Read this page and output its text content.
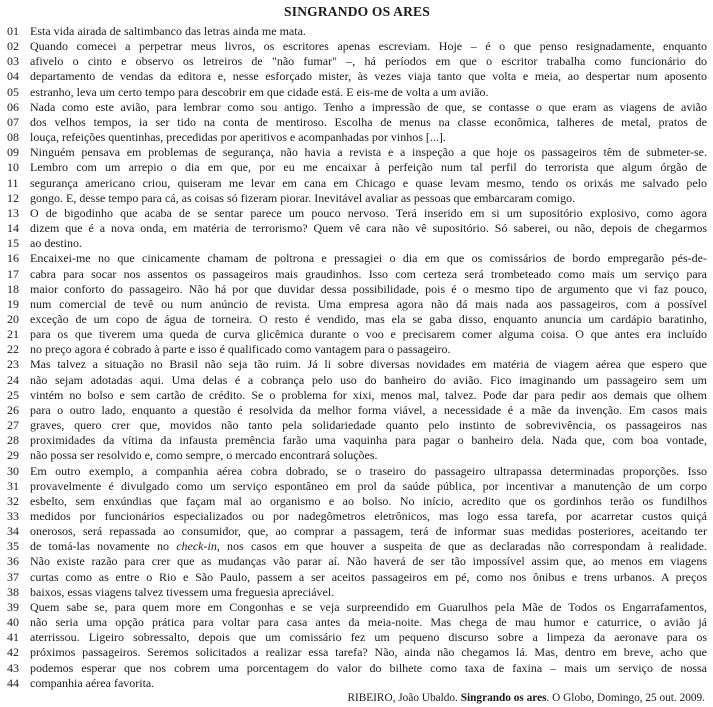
SINGRANDO OS ARES
01 Esta vida airada de saltimbanco das letras ainda me mata.
02 Quando comecei a perpetrar meus livros, os escritores apenas escreviam. Hoje – é o que penso resignadamente, enquanto
03 afivelo o cinto e observo os letreiros de "não fumar" –, há períodos em que o escritor trabalha como funcionário do
04 departamento de vendas da editora e, nesse esforçado mister, às vezes viaja tanto que volta e meia, ao despertar num aposento
05 estranho, leva um certo tempo para descobrir em que cidade está. E eis-me de volta a um avião.
06 Nada como este avião, para lembrar como sou antigo. Tenho a impressão de que, se contasse o que eram as viagens de avião
07 dos velhos tempos, ia ser tido na conta de mentiroso. Escolha de menus na classe econômica, talheres de metal, pratos de
08 louça, refeições quentinhas, precedidas por aperitivos e acompanhadas por vinhos [...].
09 Ninguém pensava em problemas de segurança, não havia a revista e a inspeção a que hoje os passageiros têm de submeter-se.
10 Lembro com um arrepio o dia em que, por eu me encaixar à perfeição num tal perfil do terrorista que algum órgão de
11 segurança americano criou, quiseram me levar em cana em Chicago e quase levam mesmo, tendo os orixás me salvado pelo
12 gongo. E, desse tempo para cá, as coisas só fizeram piorar. Inevitável avaliar as pessoas que embarcaram comigo.
13 O de bigodinho que acaba de se sentar parece um pouco nervoso. Terá inserido em si um supositório explosivo, como agora
14 dizem que é a nova onda, em matéria de terrorismo? Quem vê cara não vê supositório. Só saberei, ou não, depois de chegarmos
15 ao destino.
16 Encaixei-me no que cinicamente chamam de poltrona e pressagiei o dia em que os comissários de bordo empregarão pés-de-
17 cabra para socar nos assentos os passageiros mais graudinhos. Isso com certeza será trombeteado como mais um serviço para
18 maior conforto do passageiro. Não há por que duvidar dessa possibilidade, pois é o mesmo tipo de argumento que vi faz pouco,
19 num comercial de tevê ou num anúncio de revista. Uma empresa agora não dá mais nada aos passageiros, com a possível
20 exceção de um copo de água de torneira. O resto é vendido, mas ela se gaba disso, enquanto anuncia um cardápio baratinho,
21 para os que tiverem uma queda de curva glicêmica durante o voo e precisarem comer alguma coisa. O que antes era incluído
22 no preço agora é cobrado à parte e isso é qualificado como vantagem para o passageiro.
23 Mas talvez a situação no Brasil não seja tão ruim. Já li sobre diversas novidades em matéria de viagem aérea que espero que
24 não sejam adotadas aqui. Uma delas é a cobrança pelo uso do banheiro do avião. Fico imaginando um passageiro sem um
25 vintém no bolso e sem cartão de crédito. Se o problema for xixi, menos mal, talvez. Pode dar para pedir aos demais que olhem
26 para o outro lado, enquanto a questão é resolvida da melhor forma viável, a necessidade é a mãe da invenção. Em casos mais
27 graves, quero crer que, movidos não tanto pela solidariedade quanto pelo instinto de sobrevivência, os passageiros nas
28 proximidades da vítima da infausta premência farão uma vaquinha para pagar o banheiro dela. Nada que, com boa vontade,
29 não possa ser resolvido e, como sempre, o mercado encontrará soluções.
30 Em outro exemplo, a companhia aérea cobra dobrado, se o traseiro do passageiro ultrapassa determinadas proporções. Isso
31 provavelmente é divulgado como um serviço espontâneo em prol da saúde pública, por incentivar a manutenção de um corpo
32 esbelto, sem enxúndias que façam mal ao organismo e ao bolso. No início, acredito que os gordinhos terão os fundilhos
33 medidos por funcionários especializados ou por nadegômetros eletrônicos, mas logo essa tarefa, por acarretar custos quiçá
34 onerosos, será repassada ao consumidor, que, ao comprar a passagem, terá de informar suas medidas posteriores, aceitando ter
35 de tomá-las novamente no check-in, nos casos em que houver a suspeita de que as declaradas não correspondam à realidade.
36 Não existe razão para crer que as mudanças vão parar aí. Não haverá de ser tão impossível assim que, ao menos em viagens
37 curtas como as entre o Rio e São Paulo, passem a ser aceitos passageiros em pé, como nos ônibus e trens urbanos. A preços
38 baixos, essas viagens talvez tivessem uma freguesia apreciável.
39 Quem sabe se, para quem more em Congonhas e se veja surpreendido em Guarulhos pela Mãe de Todos os Engarrafamentos,
40 não seria uma opção prática para voltar para casa antes da meia-noite. Mas chega de mau humor e caturrice, o avião já
41 aterrissou. Ligeiro sobressalto, depois que um comissário fez um pequeno discurso sobre a limpeza da aeronave para os
42 próximos passageiros. Seremos solicitados a realizar essa tarefa? Não, ainda não chegamos lá. Mas, dentro em breve, acho que
43 podemos esperar que nos cobrem uma porcentagem do valor do bilhete como taxa de faxina – mais um serviço de nossa
44 companhia aérea favorita.
RIBEIRO, João Ubaldo. Singrando os ares. O Globo, Domingo, 25 out. 2009.
